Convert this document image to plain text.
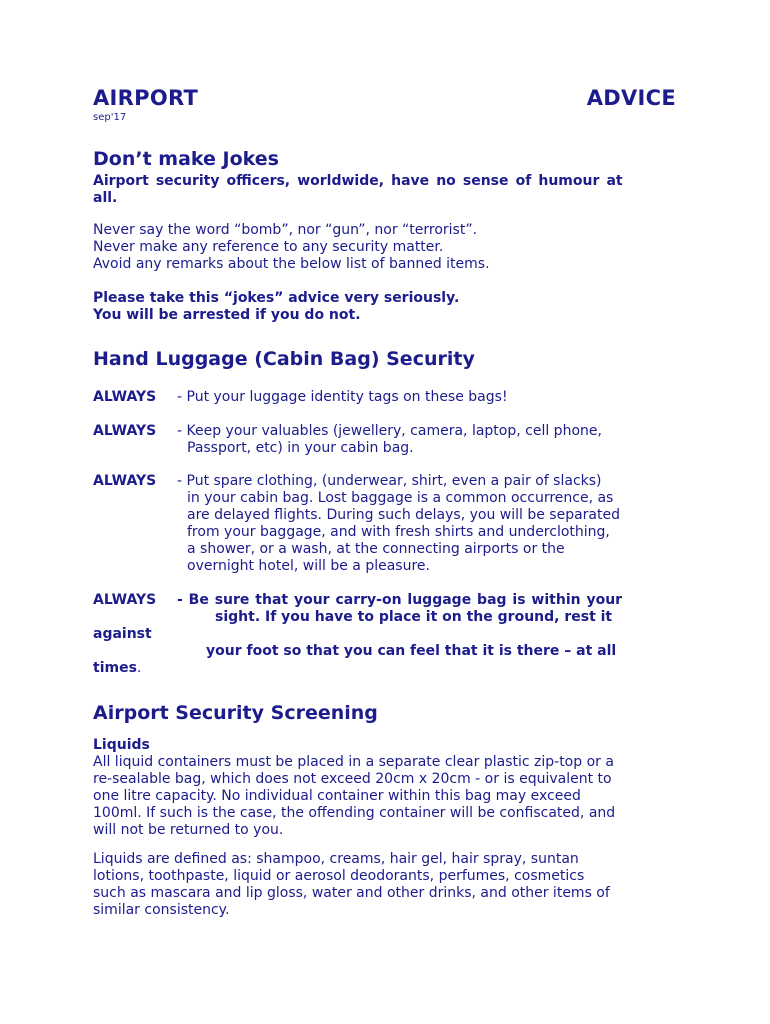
AIRPORT	ADVICE
sep'17
Don’t make Jokes
Airport security officers, worldwide, have no sense of humour at
all.
Never say the word “bomb”, nor “gun”, nor “terrorist”.
Never make any reference to any security matter.
Avoid any remarks about the below list of banned items.
Please take this “jokes” advice very seriously.
You will be arrested if you do not.
Hand Luggage (Cabin Bag) Security
ALWAYS - Put your luggage identity tags on these bags!
ALWAYS - Keep your valuables (jewellery, camera, laptop, cell phone,
Passport, etc) in your cabin bag.
ALWAYS - Put spare clothing, (underwear, shirt, even a pair of slacks)
in your cabin bag. Lost baggage is a common occurrence, as
are delayed flights. During such delays, you will be separated
from your baggage, and with fresh shirts and underclothing,
a shower, or a wash, at the connecting airports or the
overnight hotel, will be a pleasure.
ALWAYS - Be sure that your carry-on luggage bag is within your
sight. If you have to place it on the ground, rest it
against
your foot so that you can feel that it is there – at all
times.
Airport Security Screening
Liquids
All liquid containers must be placed in a separate clear plastic zip-top or a
re-sealable bag, which does not exceed 20cm x 20cm - or is equivalent to
one litre capacity. No individual container within this bag may exceed
100ml. If such is the case, the offending container will be confiscated, and
will not be returned to you.
Liquids are defined as: shampoo, creams, hair gel, hair spray, suntan
lotions, toothpaste, liquid or aerosol deodorants, perfumes, cosmetics
such as mascara and lip gloss, water and other drinks, and other items of
similar consistency.
